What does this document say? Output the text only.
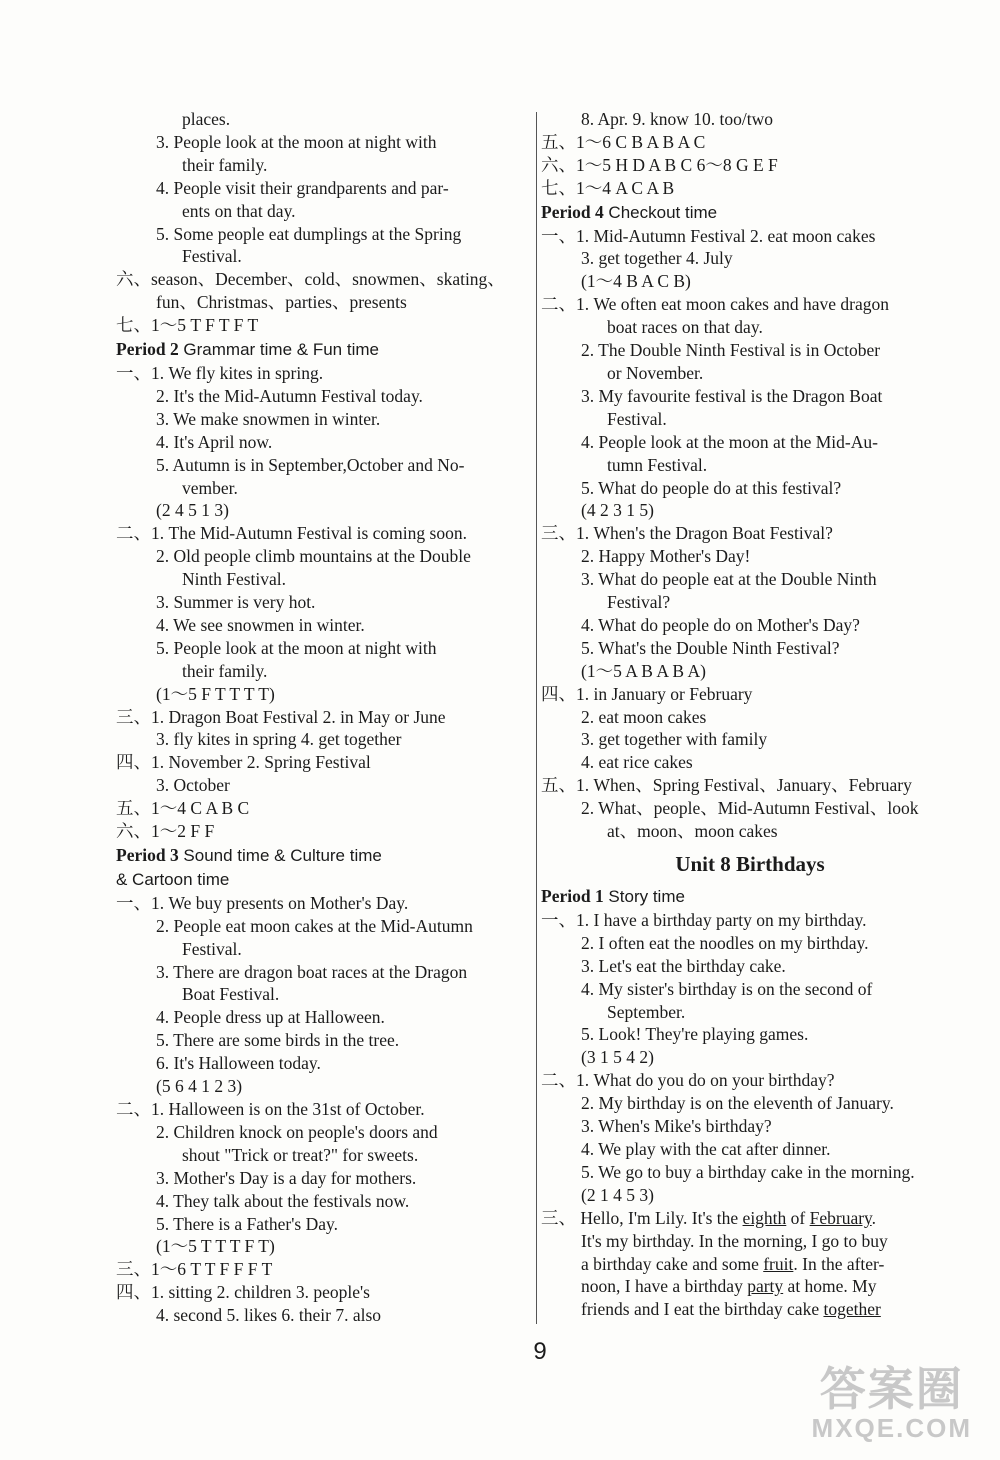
places.
3. People look at the moon at night with
their family.
4. People visit their grandparents and par-
ents on that day.
5. Some people eat dumplings at the Spring
Festival.
六、season、December、cold、snowmen、skating、
fun、Christmas、parties、presents
七、1～5 T F T F T
Period 2 Grammar time & Fun time
一、1. We fly kites in spring.
2. It's the Mid-Autumn Festival today.
3. We make snowmen in winter.
4. It's April now.
5. Autumn is in September,October and No-
vember.
(2 4 5 1 3)
二、1. The Mid-Autumn Festival is coming soon.
2. Old people climb mountains at the Double
Ninth Festival.
3. Summer is very hot.
4. We see snowmen in winter.
5. People look at the moon at night with
their family.
(1～5 F T T T T)
三、1. Dragon Boat Festival 2. in May or June
3. fly kites in spring 4. get together
四、1. November 2. Spring Festival
3. October
五、1～4 C A B C
六、1～2 F F
Period 3 Sound time & Culture time
& Cartoon time
一、1. We buy presents on Mother's Day.
2. People eat moon cakes at the Mid-Autumn
Festival.
3. There are dragon boat races at the Dragon
Boat Festival.
4. People dress up at Halloween.
5. There are some birds in the tree.
6. It's Halloween today.
(5 6 4 1 2 3)
二、1. Halloween is on the 31st of October.
2. Children knock on people's doors and
shout "Trick or treat?" for sweets.
3. Mother's Day is a day for mothers.
4. They talk about the festivals now.
5. There is a Father's Day.
(1～5 T T T F T)
三、1～6 T T F F F T
四、1. sitting 2. children 3. people's
4. second 5. likes 6. their 7. also
8. Apr. 9. know 10. too/two
五、1～6 C B A B A C
六、1～5 H D A B C 6～8 G E F
七、1～4 A C A B
Period 4 Checkout time
一、1. Mid-Autumn Festival 2. eat moon cakes
3. get together 4. July
(1～4 B A C B)
二、1. We often eat moon cakes and have dragon
boat races on that day.
2. The Double Ninth Festival is in October
or November.
3. My favourite festival is the Dragon Boat
Festival.
4. People look at the moon at the Mid-Au-
tumn Festival.
5. What do people do at this festival?
(4 2 3 1 5)
三、1. When's the Dragon Boat Festival?
2. Happy Mother's Day!
3. What do people eat at the Double Ninth
Festival?
4. What do people do on Mother's Day?
5. What's the Double Ninth Festival?
(1～5 A B A B A)
四、1. in January or February
2. eat moon cakes
3. get together with family
4. eat rice cakes
五、1. When、Spring Festival、January、February
2. What、people、Mid-Autumn Festival、look
at、moon、moon cakes
Unit 8 Birthdays
Period 1 Story time
一、1. I have a birthday party on my birthday.
2. I often eat the noodles on my birthday.
3. Let's eat the birthday cake.
4. My sister's birthday is on the second of
September.
5. Look! They're playing games.
(3 1 5 4 2)
二、1. What do you do on your birthday?
2. My birthday is on the eleventh of January.
3. When's Mike's birthday?
4. We play with the cat after dinner.
5. We go to buy a birthday cake in the morning.
(2 1 4 5 3)
三、 Hello, I'm Lily. It's the eighth of February.
It's my birthday. In the morning, I go to buy
a birthday cake and some fruit. In the after-
noon, I have a birthday party at home. My
friends and I eat the birthday cake together
9
答案圈
MXQE.COM
